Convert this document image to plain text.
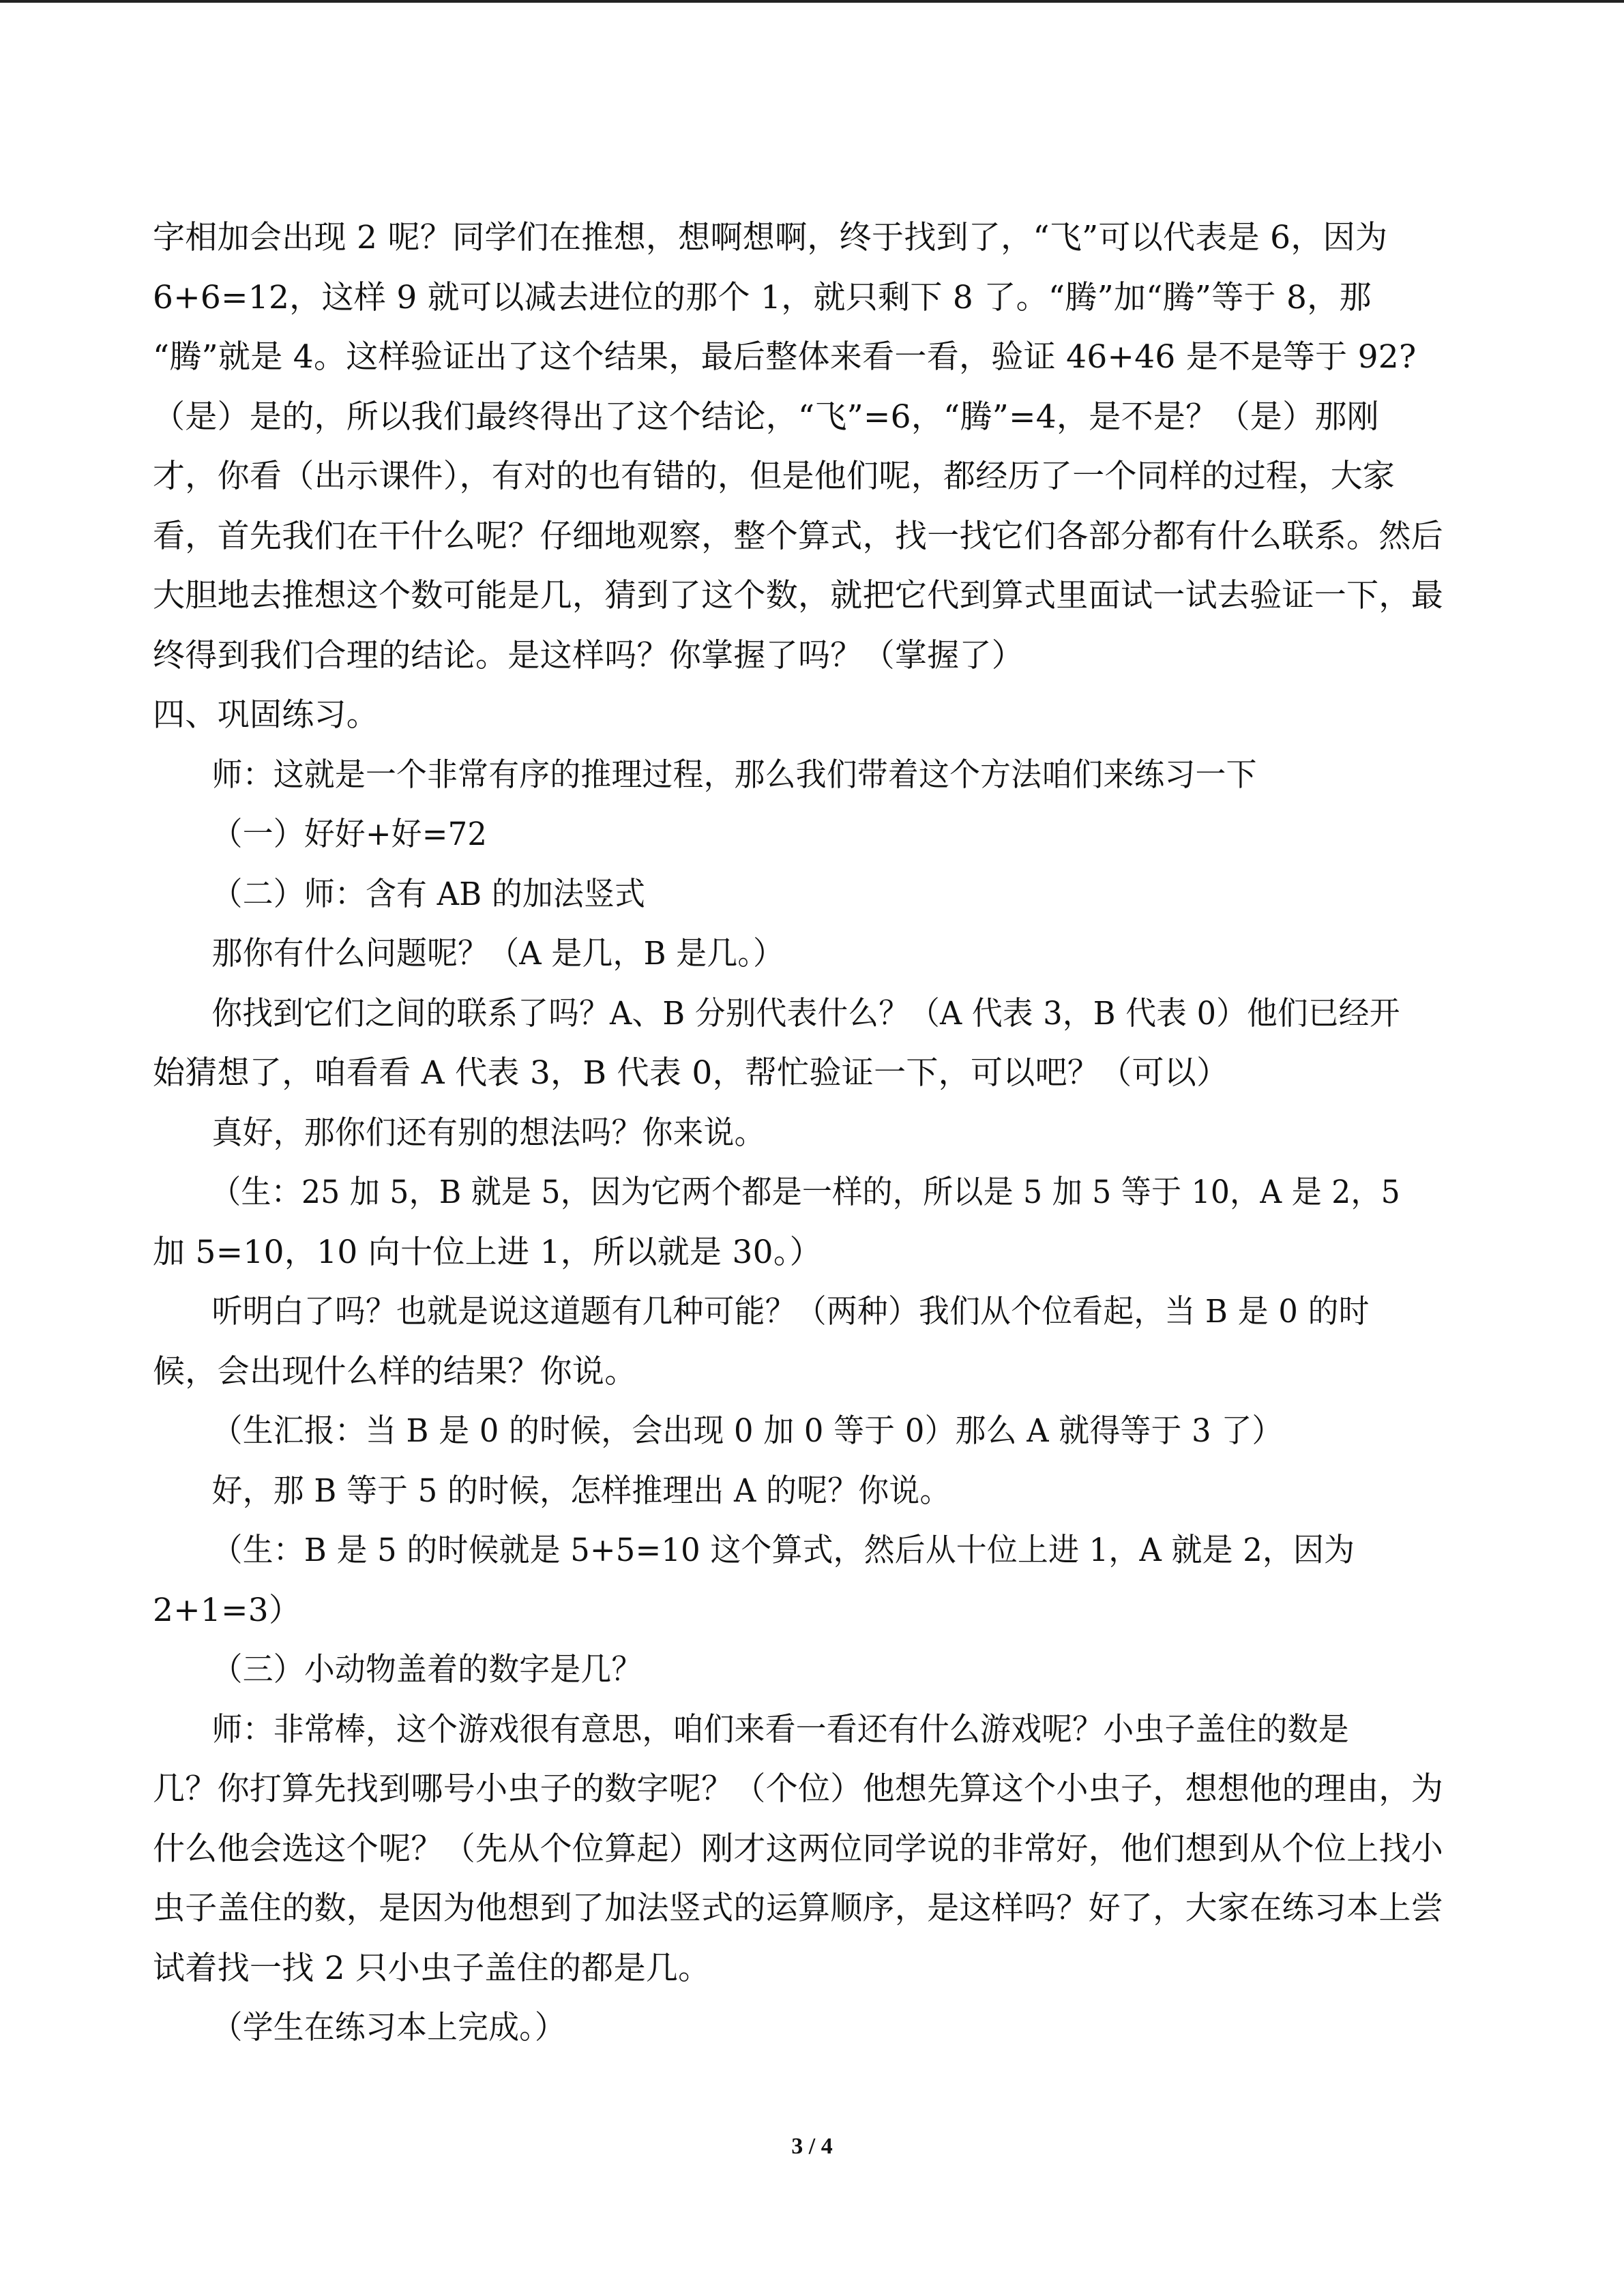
字相加会出现 2 呢？同学们在推想，想啊想啊，终于找到了，“飞”可以代表是 6，因为
6+6=12，这样 9 就可以减去进位的那个 1，就只剩下 8 了。“腾”加“腾”等于 8，那
“腾”就是 4。这样验证出了这个结果，最后整体来看一看，验证 46+46 是不是等于 92?
（是）是的，所以我们最终得出了这个结论，“飞”=6，“腾”=4，是不是？（是）那刚
才，你看（出示课件），有对的也有错的，但是他们呢，都经历了一个同样的过程，大家
看，首先我们在干什么呢？仔细地观察，整个算式，找一找它们各部分都有什么联系。然后
大胆地去推想这个数可能是几，猜到了这个数，就把它代到算式里面试一试去验证一下，最
终得到我们合理的结论。是这样吗？你掌握了吗？（掌握了）
四、巩固练习。
师：这就是一个非常有序的推理过程，那么我们带着这个方法咱们来练习一下
（一）好好+好=72
（二）师：含有 AB 的加法竖式
那你有什么问题呢？（A 是几，B 是几。）
你找到它们之间的联系了吗？A、B 分别代表什么？（A 代表 3，B 代表 0）他们已经开
始猜想了，咱看看 A 代表 3，B 代表 0，帮忙验证一下，可以吧？（可以）
真好，那你们还有别的想法吗？你来说。
（生：25 加 5，B 就是 5，因为它两个都是一样的，所以是 5 加 5 等于 10，A 是 2，5
加 5=10，10 向十位上进 1，所以就是 30。）
听明白了吗？也就是说这道题有几种可能？（两种）我们从个位看起，当 B 是 0 的时
候，会出现什么样的结果？你说。
（生汇报：当 B 是 0 的时候，会出现 0 加 0 等于 0）那么 A 就得等于 3 了）
好，那 B 等于 5 的时候，怎样推理出 A 的呢？你说。
（生：B 是 5 的时候就是 5+5=10 这个算式，然后从十位上进 1，A 就是 2，因为
2+1=3）
（三）小动物盖着的数字是几？
师：非常棒，这个游戏很有意思，咱们来看一看还有什么游戏呢？小虫子盖住的数是
几？你打算先找到哪号小虫子的数字呢？（个位）他想先算这个小虫子，想想他的理由，为
什么他会选这个呢？（先从个位算起）刚才这两位同学说的非常好，他们想到从个位上找小
虫子盖住的数，是因为他想到了加法竖式的运算顺序，是这样吗？好了，大家在练习本上尝
试着找一找 2 只小虫子盖住的都是几。
（学生在练习本上完成。）
3 / 4
